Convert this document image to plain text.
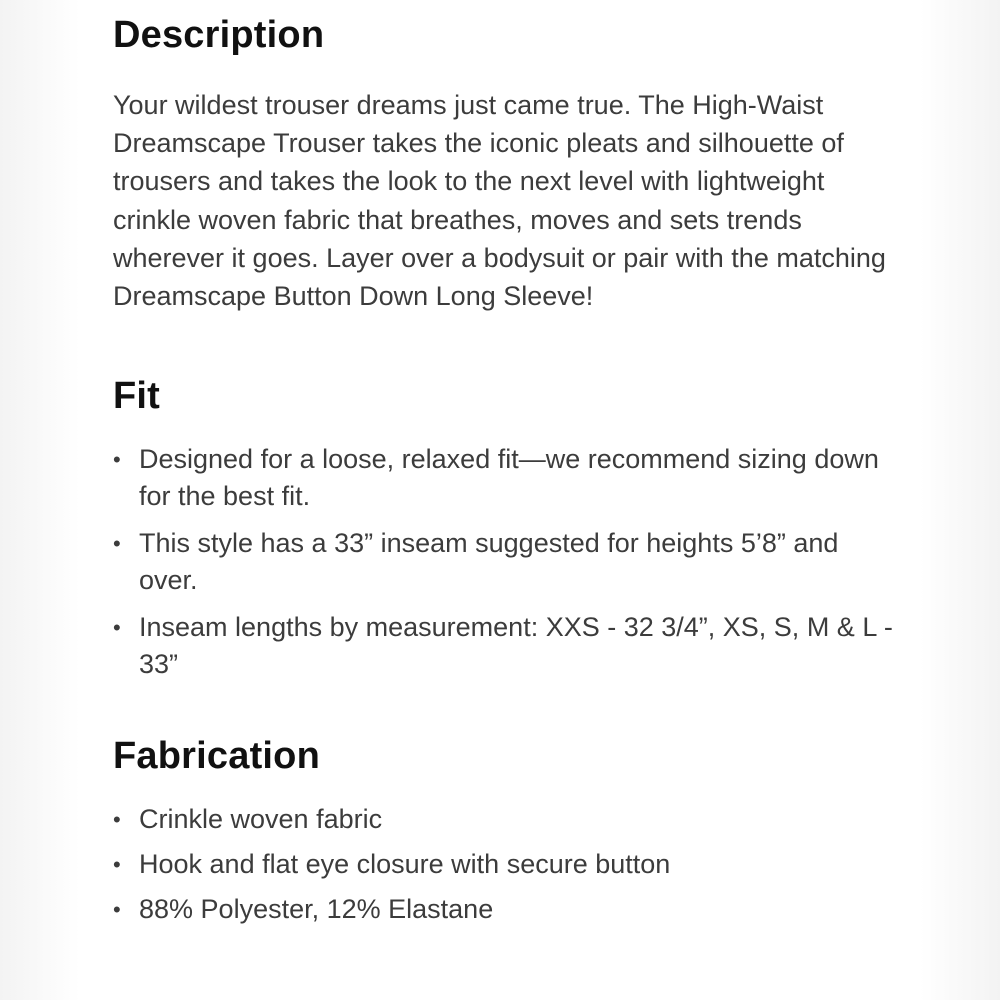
Description

Your wildest trouser dreams just came true. The High-Waist Dreamscape Trouser takes the iconic pleats and silhouette of trousers and takes the look to the next level with lightweight crinkle woven fabric that breathes, moves and sets trends wherever it goes. Layer over a bodysuit or pair with the matching Dreamscape Button Down Long Sleeve!

Fit
• Designed for a loose, relaxed fit—we recommend sizing down for the best fit.
• This style has a 33” inseam suggested for heights 5’8” and over.
• Inseam lengths by measurement: XXS - 32 3/4”, XS, S, M & L - 33”
Fabrication
• Crinkle woven fabric
• Hook and flat eye closure with secure button
• 88% Polyester, 12% Elastane
